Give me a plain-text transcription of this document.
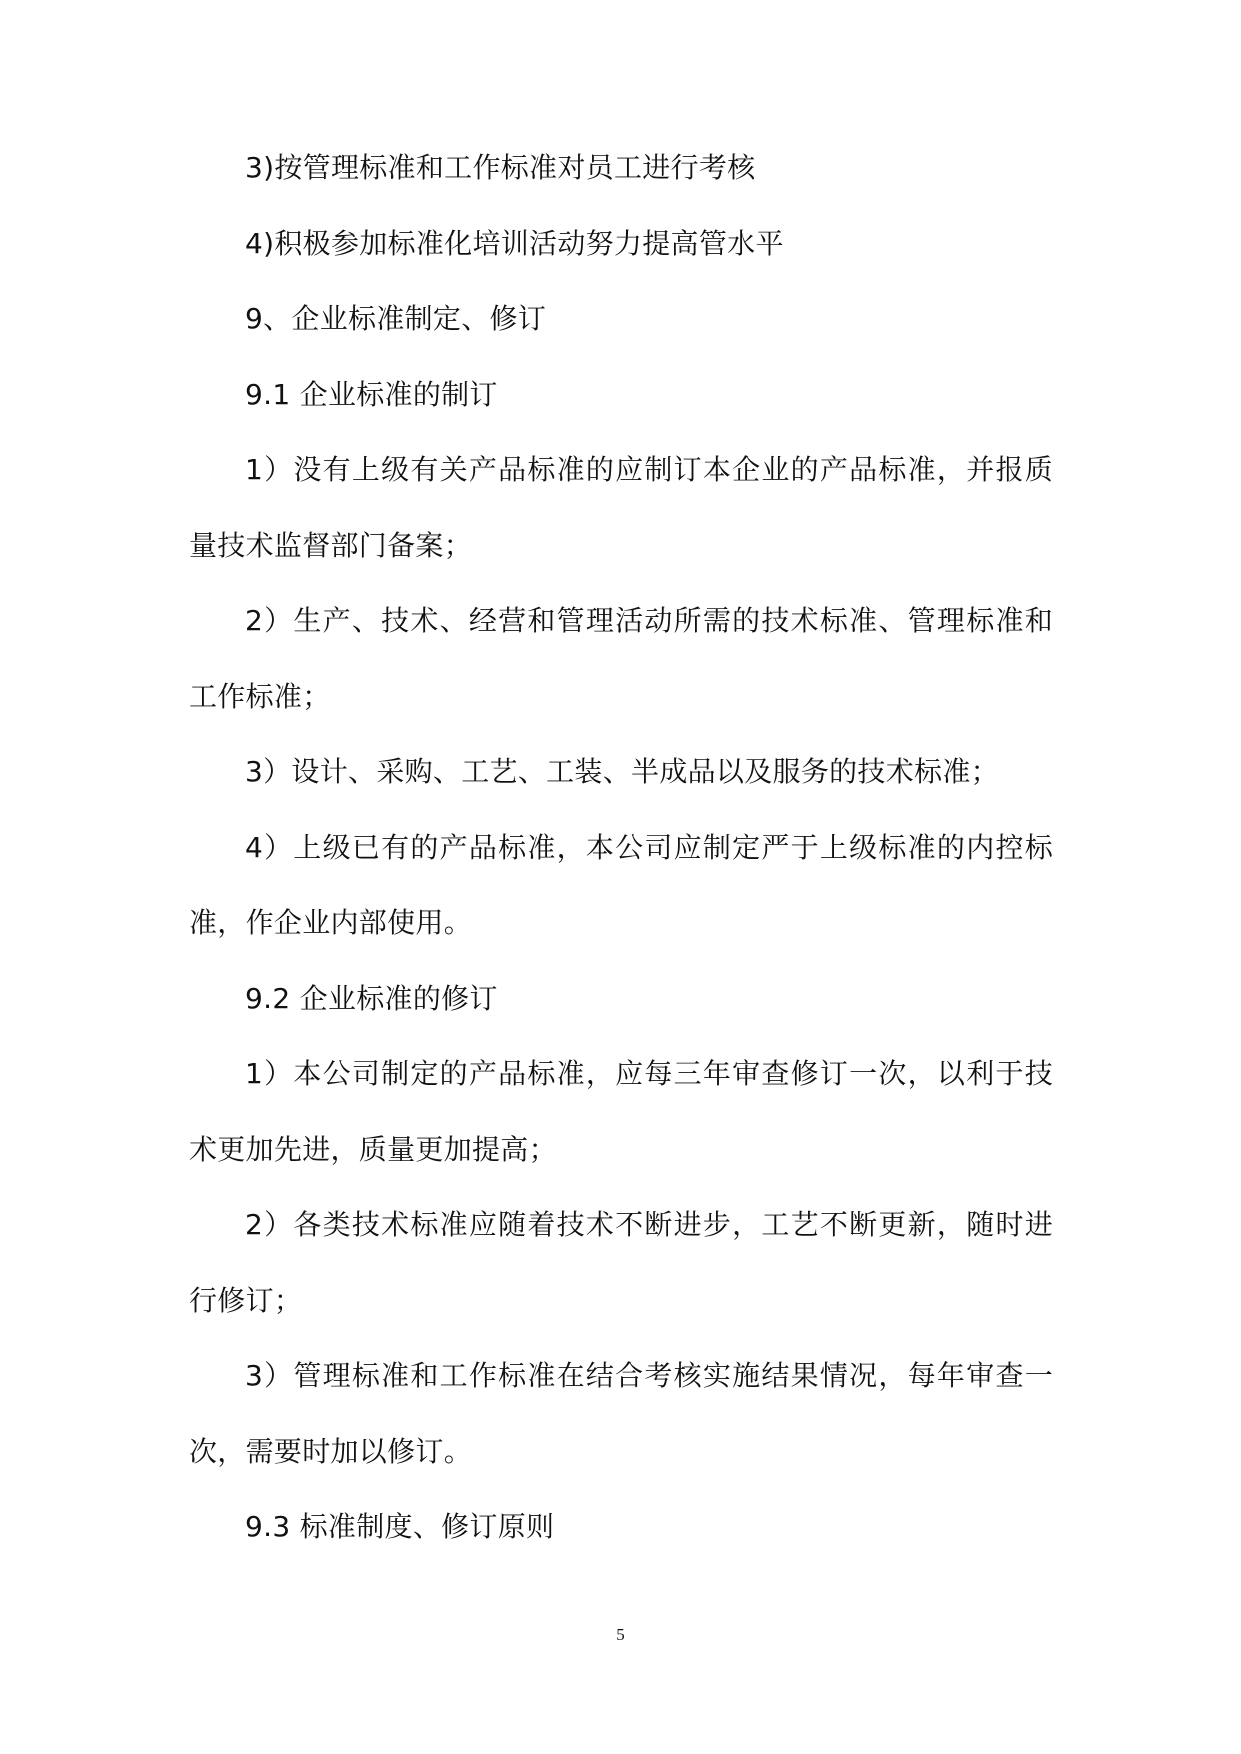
3)按管理标准和工作标准对员工进行考核

4)积极参加标准化培训活动努力提高管水平

9、企业标准制定、修订

9.1 企业标准的制订

1）没有上级有关产品标准的应制订本企业的产品标准，并报质量技术监督部门备案；

2）生产、技术、经营和管理活动所需的技术标准、管理标准和工作标准；

3）设计、采购、工艺、工装、半成品以及服务的技术标准；

4）上级已有的产品标准，本公司应制定严于上级标准的内控标准，作企业内部使用。

9.2 企业标准的修订

1）本公司制定的产品标准，应每三年审查修订一次，以利于技术更加先进，质量更加提高；

2）各类技术标准应随着技术不断进步，工艺不断更新，随时进行修订；

3）管理标准和工作标准在结合考核实施结果情况，每年审查一次，需要时加以修订。

9.3 标准制度、修订原则

5
